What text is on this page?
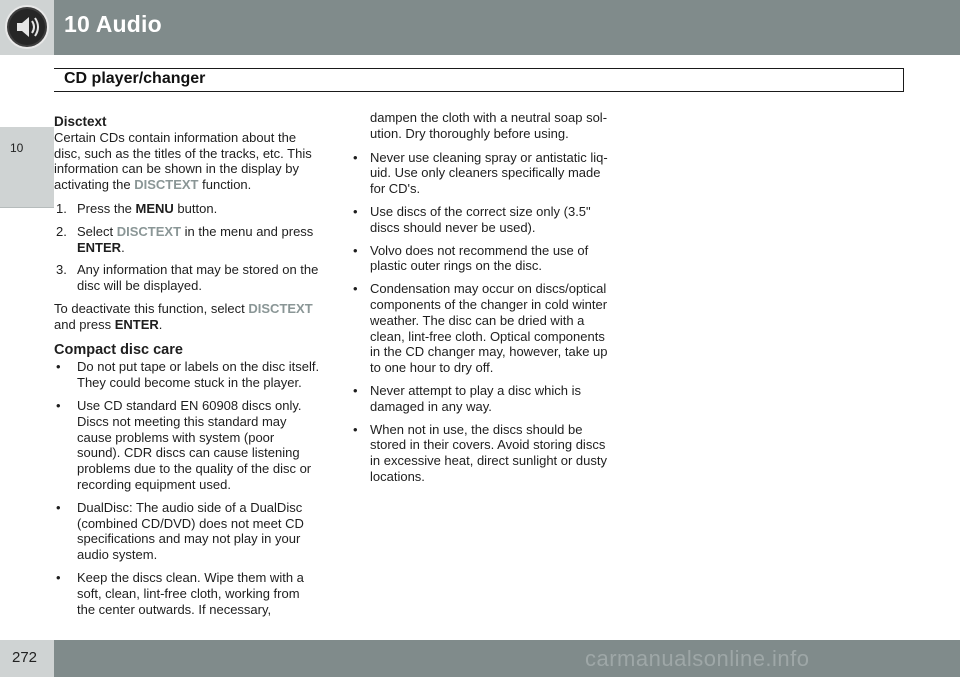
10 Audio
CD player/changer
10
Disctext

Certain CDs contain information about the disc, such as the titles of the tracks, etc. This information can be shown in the display by activating the DISCTEXT function.

1. Press the MENU button.
2. Select DISCTEXT in the menu and press ENTER.
3. Any information that may be stored on the disc will be displayed.

To deactivate this function, select DISCTEXT and press ENTER.

Compact disc care
• Do not put tape or labels on the disc itself. They could become stuck in the player.
• Use CD standard EN 60908 discs only. Discs not meeting this standard may cause problems with system (poor sound). CDR discs can cause listening problems due to the quality of the disc or recording equipment used.
• DualDisc: The audio side of a DualDisc (combined CD/DVD) does not meet CD specifications and may not play in your audio system.
• Keep the discs clean. Wipe them with a soft, clean, lint-free cloth, working from the center outwards. If necessary,

dampen the cloth with a neutral soap sol-ution. Dry thoroughly before using.

• Never use cleaning spray or antistatic liq-uid. Use only cleaners specifically made for CD's.
• Use discs of the correct size only (3.5" discs should never be used).
• Volvo does not recommend the use of plastic outer rings on the disc.
• Condensation may occur on discs/optical components of the changer in cold winter weather. The disc can be dried with a clean, lint-free cloth. Optical components in the CD changer may, however, take up to one hour to dry off.
• Never attempt to play a disc which is damaged in any way.
• When not in use, the discs should be stored in their covers. Avoid storing discs in excessive heat, direct sunlight or dusty locations.
272	carmanualsonline.info
